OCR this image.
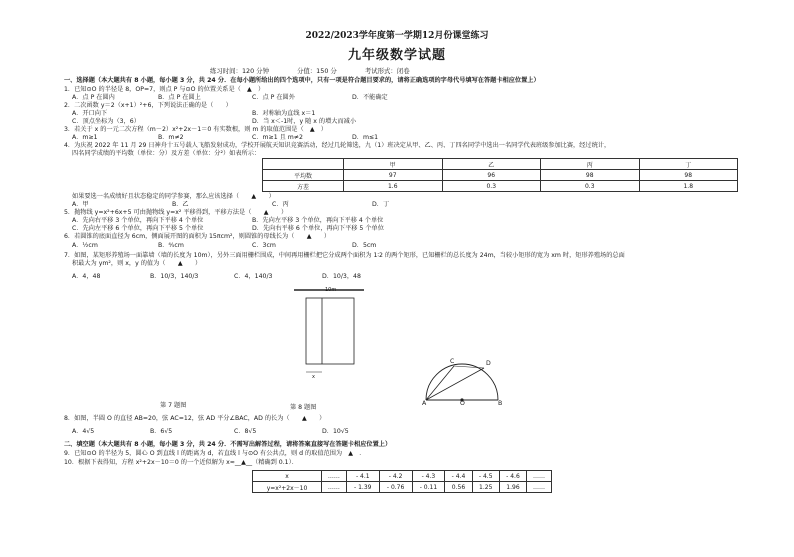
2022/2023学年度第一学期12月份课堂练习
九年级数学试题
练习时间：120 分钟	分值：150 分	考试形式：闭卷
一、选择题（本大题共有 8 小题，每小题 3 分，共 24 分．在每小题所给出的四个选项中，只有一项是符合题目要求的，请将正确选项的字母代号填写在答题卡相应位置上）
1．已知⊙O 的半径是 8，OP=7，则点 P 与⊙O 的位置关系是（　▲　）
A．点 P 在圆内	B．点 P 在圆上	C．点 P 在圆外	D．不能确定
2．二次函数 y＝2（x+1）²+6，下列说法正确的是（　　）
A．开口向下	B．对称轴为直线 x＝1
C．顶点坐标为（3，6）	D．当 x＜-1时，y 随 x 的增大而减小
3．若关于 x 的一元二次方程（m－2）x²+2x－1＝0 有实数根，则 m 的取值范围是（　▲　）
A．m≥1	B．m≠2	C．m≥1 且 m≠2	D．m≤1
4．为庆祝 2022 年 11 月 29 日神舟十五号载人飞船发射成功，学校开展航天知识竞赛活动，经过几轮筛选，九（1）班决定从甲、乙、丙、丁四名同学中选出一名同学代表班级参加比赛，经过统计，
四名同学成绩的平均数（单位：分）及方差（单位：分²）如表所示：
	甲	乙	丙	丁
平均数	97	96	98	98
方差	1.6	0.3	0.3	1.8
如果要选一名成绩好且状态稳定的同学参赛，那么应该选择（　　▲　　）
A．甲	B．乙	C．丙	D．丁
5．抛物线 y=x²+6x+5 可由抛物线 y=x² 平移得到，平移方法是（　　▲　　）
A．先向右平移 3 个单位，再向下平移 4 个单位	B．先向左平移 3 个单位，再向下平移 4 个单位
C．先向左平移 6 个单位，再向下平移 5 个单位	D．先向右平移 6 个单位，再向下平移 5 个单位
6．若圆锥的底面直径为 6cm，侧面展开图的面积为 15πcm²，则圆锥的母线长为（　　▲　　）
A．½cm	B．⅘cm	C．3cm	D．5cm
7．如图，某矩形养殖场一面靠墙（墙的长度为 10m），另外三面用栅栏围成，中间再用栅栏把它分成两个面积为 1∶2 的两个矩形，已知栅栏的总长度为 24m，当较小矩形的宽为 xm 时，矩形养殖场的总面
积最大为 ym²，则 x，y 的值为（　　▲　　）
A．4，48	B．10/3，140/3	C．4，140/3	D．10/3，48
10m
x
第 7 题图	第 8 题图
C	D
A	O	B
8．如图，半圆 O 的直径 AB=20，弦 AC=12，弦 AD 平分∠BAC，AD 的长为（　　▲　　）
A．4√5	B．6√5	C．8√5	D．10√5
二、填空题（本大题共有 8 小题，每小题 3 分，共 24 分．不需写出解答过程，请将答案直接写在答题卡相应位置上）
9．已知⊙O 的半径为 5，圆心 O 到直线 l 的距离为 d，若直线 l 与⊙O 有公共点，则 d 的取值范围为　▲　．
10．根据下表得知，方程 x²+2x－10＝0 的一个近似解为 x≈__▲__（精确到 0.1）．
x	……	- 4.1	- 4.2	- 4.3	- 4.4	- 4.5	- 4.6	……
y=x²+2x－10	……	- 1.39	- 0.76	- 0.11	0.56	1.25	1.96	……
